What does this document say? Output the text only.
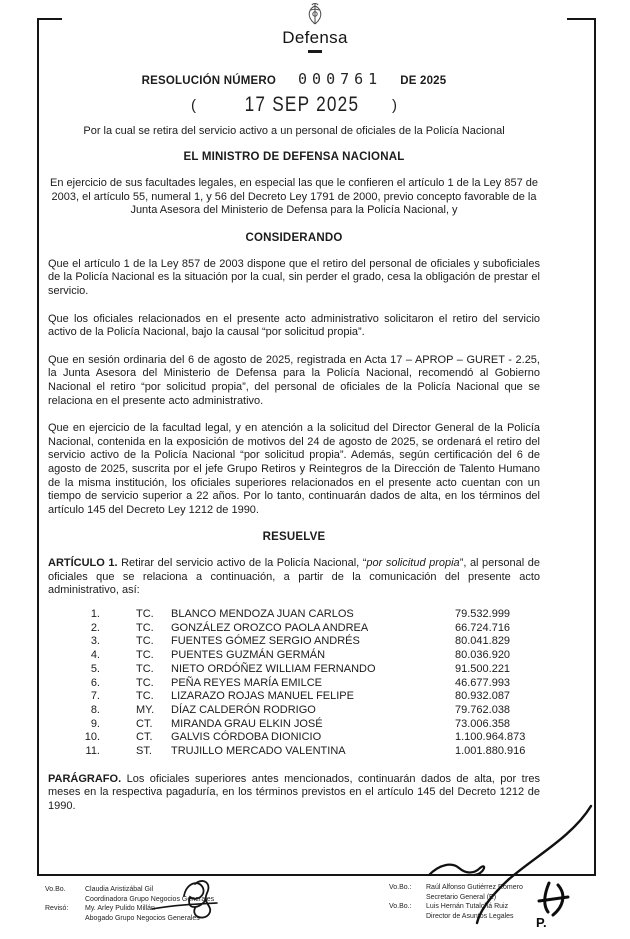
Defensa
RESOLUCIÓN NÚMERO 000761 DE 2025
( 17 SEP 2025 )
Por la cual se retira del servicio activo a un personal de oficiales de la Policía Nacional
EL MINISTRO DE DEFENSA NACIONAL
En ejercicio de sus facultades legales, en especial las que le confieren el artículo 1 de la Ley 857 de 2003, el artículo 55, numeral 1, y 56 del Decreto Ley 1791 de 2000, previo concepto favorable de la Junta Asesora del Ministerio de Defensa para la Policía Nacional, y
CONSIDERANDO
Que el artículo 1 de la Ley 857 de 2003 dispone que el retiro del personal de oficiales y suboficiales de la Policía Nacional es la situación por la cual, sin perder el grado, cesa la obligación de prestar el servicio.
Que los oficiales relacionados en el presente acto administrativo solicitaron el retiro del servicio activo de la Policía Nacional, bajo la causal “por solicitud propia”.
Que en sesión ordinaria del 6 de agosto de 2025, registrada en Acta 17 – APROP – GURET - 2.25, la Junta Asesora del Ministerio de Defensa para la Policía Nacional, recomendó al Gobierno Nacional el retiro “por solicitud propia”, del personal de oficiales de la Policía Nacional que se relaciona en el presente acto administrativo.
Que en ejercicio de la facultad legal, y en atención a la solicitud del Director General de la Policía Nacional, contenida en la exposición de motivos del 24 de agosto de 2025, se ordenará el retiro del servicio activo de la Policía Nacional “por solicitud propia”. Además, según certificación del 6 de agosto de 2025, suscrita por el jefe Grupo Retiros y Reintegros de la Dirección de Talento Humano de la misma institución, los oficiales superiores relacionados en el presente acto cuentan con un tiempo de servicio superior a 22 años. Por lo tanto, continuarán dados de alta, en los términos del artículo 145 del Decreto Ley 1212 de 1990.
RESUELVE
ARTÍCULO 1. Retirar del servicio activo de la Policía Nacional, “por solicitud propia”, al personal de oficiales que se relaciona a continuación, a partir de la comunicación del presente acto administrativo, así:
1.	TC.	BLANCO MENDOZA JUAN CARLOS	79.532.999
2.	TC.	GONZÁLEZ OROZCO PAOLA ANDREA	66.724.716
3.	TC.	FUENTES GÓMEZ SERGIO ANDRÉS	80.041.829
4.	TC.	PUENTES GUZMÁN GERMÁN	80.036.920
5.	TC.	NIETO ORDÓÑEZ WILLIAM FERNANDO	91.500.221
6.	TC.	PEÑA REYES MARÍA EMILCE	46.677.993
7.	TC.	LIZARAZO ROJAS MANUEL FELIPE	80.932.087
8.	MY.	DÍAZ CALDERÓN RODRIGO	79.762.038
9.	CT.	MIRANDA GRAU ELKIN JOSÉ	73.006.358
10.	CT.	GALVIS CÓRDOBA DIONICIO	1.100.964.873
11.	ST.	TRUJILLO MERCADO VALENTINA	1.001.880.916
PARÁGRAFO. Los oficiales superiores antes mencionados, continuarán dados de alta, por tres meses en la respectiva pagaduría, en los términos previstos en el artículo 145 del Decreto 1212 de 1990.
Vo.Bo.	Claudia Aristizábal Gil
Coordinadora Grupo Negocios Generales
Revisó:	My. Arley Pulido Millán
Abogado Grupo Negocios Generales
Vo.Bo.:	Raúl Alfonso Gutiérrez Romero
Secretario General (E)
Vo.Bo.:	Luis Hernán Tutalchá Ruiz
Director de Asuntos Legales	P.
